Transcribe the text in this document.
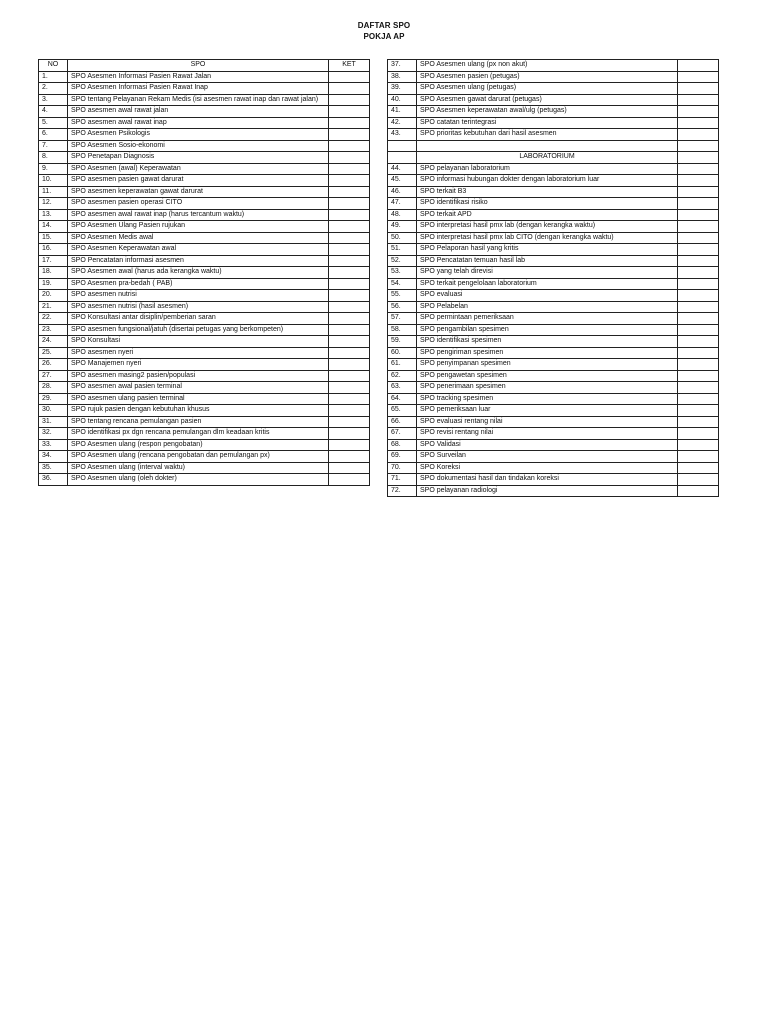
DAFTAR SPO
POKJA AP
NO	SPO	KET
1.	SPO Asesmen Informasi Pasien Rawat Jalan	
2.	SPO Asesmen Informasi Pasien Rawat Inap	
3.	SPO tentang Pelayanan Rekam Medis (isi asesmen rawat inap dan rawat jalan)	
4.	SPO asesmen awal rawat jalan	
5.	SPO asesmen awal rawat inap	
6.	SPO Asesmen Psikologis	
7.	SPO Asesmen Sosio-ekonomi	
8.	SPO Penetapan Diagnosis	
9.	SPO Asesmen (awal) Keperawatan	
10.	SPO asesmen pasien gawat darurat	
11.	SPO asesmen keperawatan gawat darurat	
12.	SPO asesmen pasien operasi CITO	
13.	SPO asesmen awal rawat inap (harus tercantum waktu)	
14.	SPO Asesmen Ulang Pasien rujukan	
15.	SPO Asesmen Medis awal	
16.	SPO Asesmen Keperawatan awal	
17.	SPO Pencatatan informasi asesmen	
18.	SPO Asesmen awal (harus ada kerangka waktu)	
19.	SPO Asesmen pra-bedah ( PAB)	
20.	SPO asesmen nutrisi	
21.	SPO asesmen nutrisi (hasil asesmen)	
22.	SPO Konsultasi antar disiplin/pemberian saran	
23.	SPO asesmen fungsional/jatuh (disertai petugas yang berkompeten)	
24.	SPO Konsultasi	
25.	SPO asesmen nyeri	
26.	SPO Manajemen nyeri	
27.	SPO asesmen masing2 pasien/populasi	
28.	SPO asesmen awal pasien terminal	
29.	SPO asesmen ulang pasien terminal	
30.	SPO rujuk pasien dengan kebutuhan khusus	
31.	SPO tentang rencana pemulangan pasien	
32.	SPO identifikasi px dgn rencana pemulangan dlm keadaan kritis	
33.	SPO Asesmen ulang (respon pengobatan)	
34.	SPO Asesmen ulang (rencana pengobatan dan pemulangan px)	
35.	SPO Asesmen ulang (interval waktu)	
36.	SPO Asesmen ulang (oleh dokter)	
37.	SPO Asesmen ulang (px non akut)	
38.	SPO Asesmen pasien (petugas)	
39.	SPO Asesmen ulang (petugas)	
40.	SPO Asesmen gawat darurat (petugas)	
41.	SPO Asesmen keperawatan awal/ulg (petugas)	
42.	SPO catatan terintegrasi	
43.	SPO prioritas kebutuhan dari hasil asesmen	

	LABORATORIUM	
44.	SPO pelayanan laboratorium	
45.	SPO informasi hubungan dokter dengan laboratorium luar	
46.	SPO terkait B3	
47.	SPO identifikasi risiko	
48.	SPO terkait APD	
49.	SPO interpretasi hasil pmx lab (dengan kerangka waktu)	
50.	SPO interpretasi hasil pmx lab CITO (dengan kerangka waktu)	
51.	SPO Pelaporan hasil yang kritis	
52.	SPO Pencatatan temuan hasil lab	
53.	SPO yang telah direvisi	
54.	SPO terkait pengelolaan laboratorium	
55.	SPO evaluasi	
56.	SPO Pelabelan	
57.	SPO permintaan pemeriksaan	
58.	SPO pengambilan spesimen	
59.	SPO identifikasi spesimen	
60.	SPO pengiriman spesimen	
61.	SPO penyimpanan spesimen	
62.	SPO pengawetan spesimen	
63.	SPO penerimaan spesimen	
64.	SPO tracking spesimen	
65.	SPO pemeriksaan luar	
66.	SPO evaluasi rentang nilai	
67.	SPO revisi rentang nilai	
68.	SPO Validasi	
69.	SPO Surveilan	
70.	SPO Koreksi	
71.	SPO dokumentasi hasil dan tindakan koreksi	
72.	SPO pelayanan radiologi	
